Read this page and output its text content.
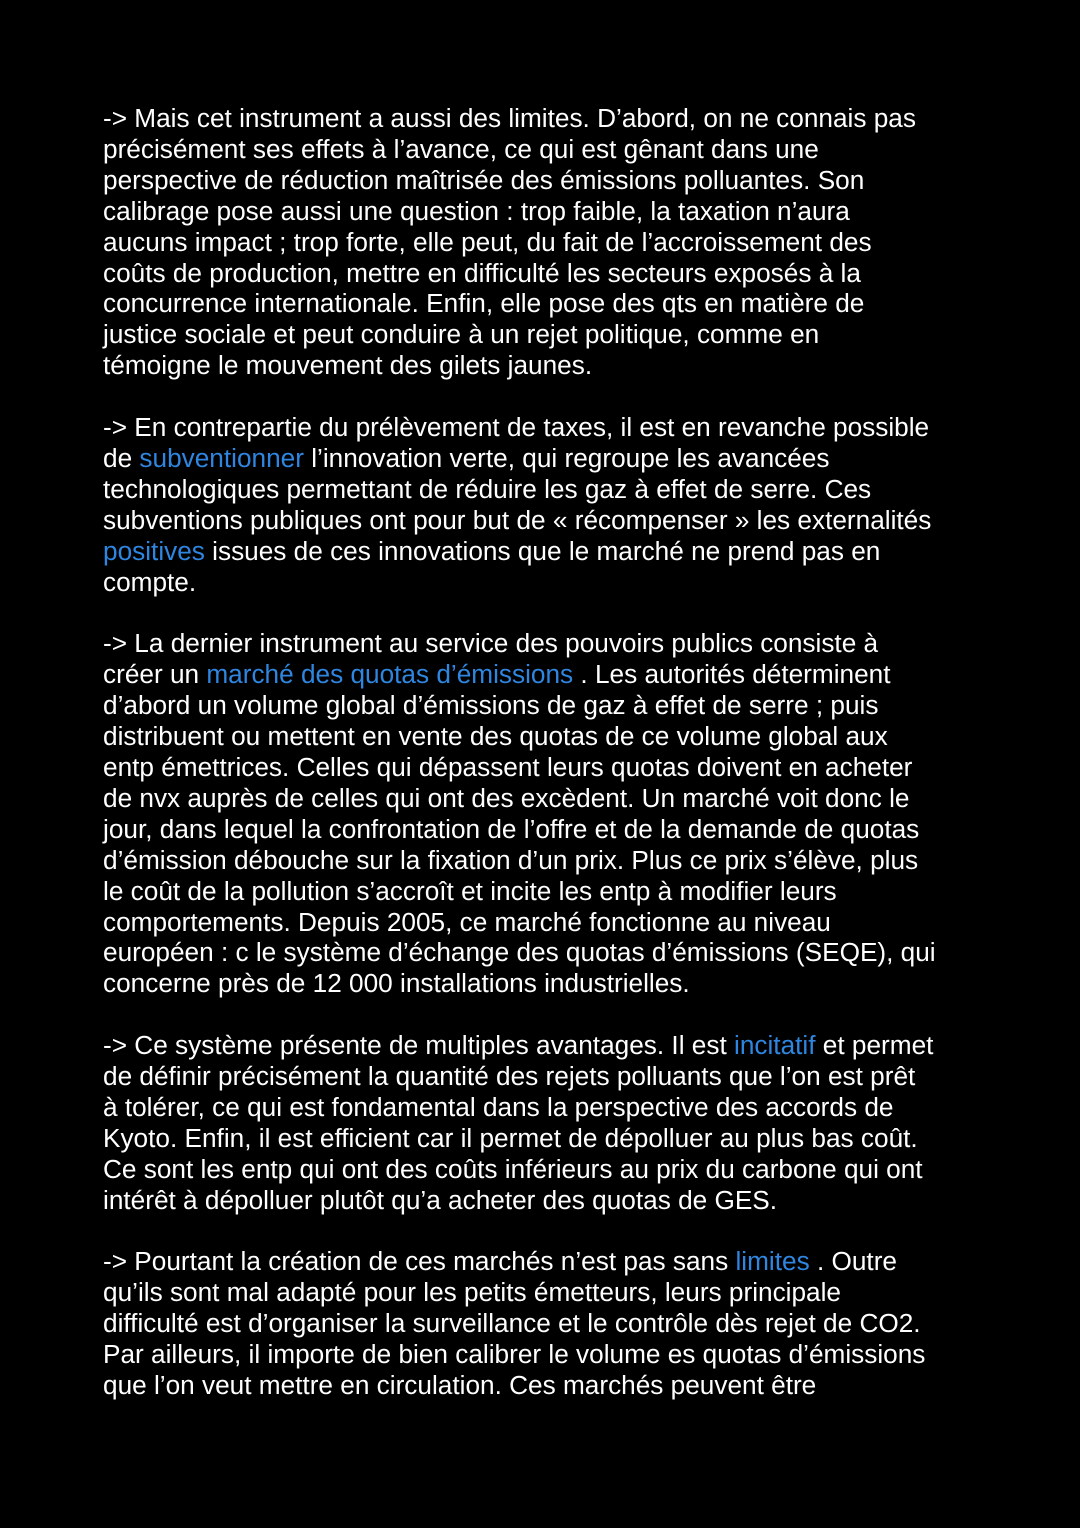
-> Mais cet instrument a aussi des limites. D’abord, on ne connais pas
précisément ses effets à l’avance, ce qui est gênant dans une
perspective de réduction maîtrisée des émissions polluantes. Son
calibrage pose aussi une question : trop faible, la taxation n’aura
aucuns impact ; trop forte, elle peut, du fait de l’accroissement des
coûts de production, mettre en difficulté les secteurs exposés à la
concurrence internationale. Enfin, elle pose des qts en matière de
justice sociale et peut conduire à un rejet politique, comme en
témoigne le mouvement des gilets jaunes.

-> En contrepartie du prélèvement de taxes, il est en revanche possible
de subventionner l’innovation verte, qui regroupe les avancées
technologiques permettant de réduire les gaz à effet de serre. Ces
subventions publiques ont pour but de « récompenser » les externalités
positives issues de ces innovations que le marché ne prend pas en
compte.

-> La dernier instrument au service des pouvoirs publics consiste à
créer un marché des quotas d’émissions . Les autorités déterminent
d’abord un volume global d’émissions de gaz à effet de serre ; puis
distribuent ou mettent en vente des quotas de ce volume global aux
entp émettrices. Celles qui dépassent leurs quotas doivent en acheter
de nvx auprès de celles qui ont des excèdent. Un marché voit donc le
jour, dans lequel la confrontation de l’offre et de la demande de quotas
d’émission débouche sur la fixation d’un prix. Plus ce prix s’élève, plus
le coût de la pollution s’accroît et incite les entp à modifier leurs
comportements. Depuis 2005, ce marché fonctionne au niveau
européen : c le système d’échange des quotas d’émissions (SEQE), qui
concerne près de 12 000 installations industrielles.

-> Ce système présente de multiples avantages. Il est incitatif et permet
de définir précisément la quantité des rejets polluants que l’on est prêt
à tolérer, ce qui est fondamental dans la perspective des accords de
Kyoto. Enfin, il est efficient car il permet de dépolluer au plus bas coût.
Ce sont les entp qui ont des coûts inférieurs au prix du carbone qui ont
intérêt à dépolluer plutôt qu’a acheter des quotas de GES.

-> Pourtant la création de ces marchés n’est pas sans limites . Outre
qu’ils sont mal adapté pour les petits émetteurs, leurs principale
difficulté est d’organiser la surveillance et le contrôle dès rejet de CO2.
Par ailleurs, il importe de bien calibrer le volume es quotas d’émissions
que l’on veut mettre en circulation. Ces marchés peuvent être
